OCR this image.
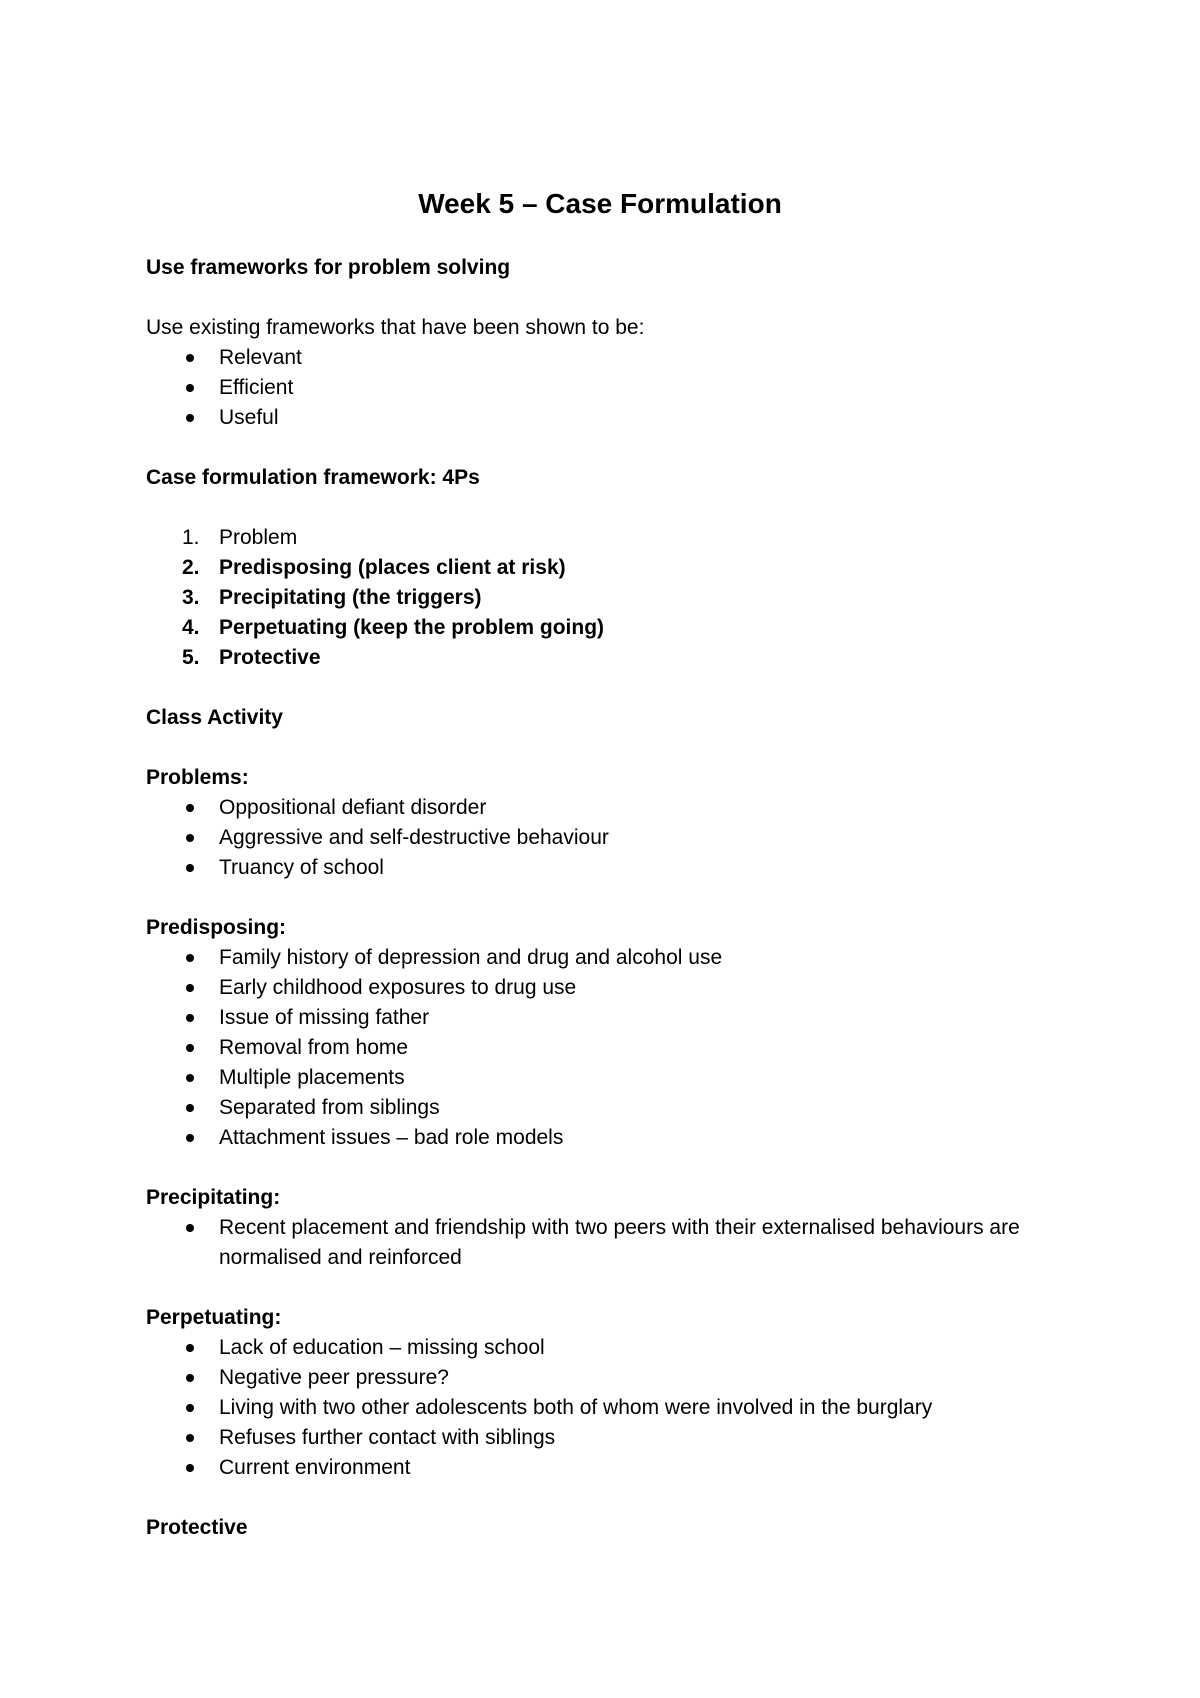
Week 5 – Case Formulation

Use frameworks for problem solving

Use existing frameworks that have been shown to be:

Relevant
Efficient
Useful

Case formulation framework: 4Ps

1. Problem
2. Predisposing (places client at risk)
3. Precipitating (the triggers)
4. Perpetuating (keep the problem going)
5. Protective

Class Activity

Problems:

Oppositional defiant disorder
Aggressive and self-destructive behaviour
Truancy of school

Predisposing:

Family history of depression and drug and alcohol use
Early childhood exposures to drug use
Issue of missing father
Removal from home
Multiple placements
Separated from siblings
Attachment issues – bad role models

Precipitating:

Recent placement and friendship with two peers with their externalised behaviours are normalised and reinforced

Perpetuating:

Lack of education – missing school
Negative peer pressure?
Living with two other adolescents both of whom were involved in the burglary
Refuses further contact with siblings
Current environment

Protective
